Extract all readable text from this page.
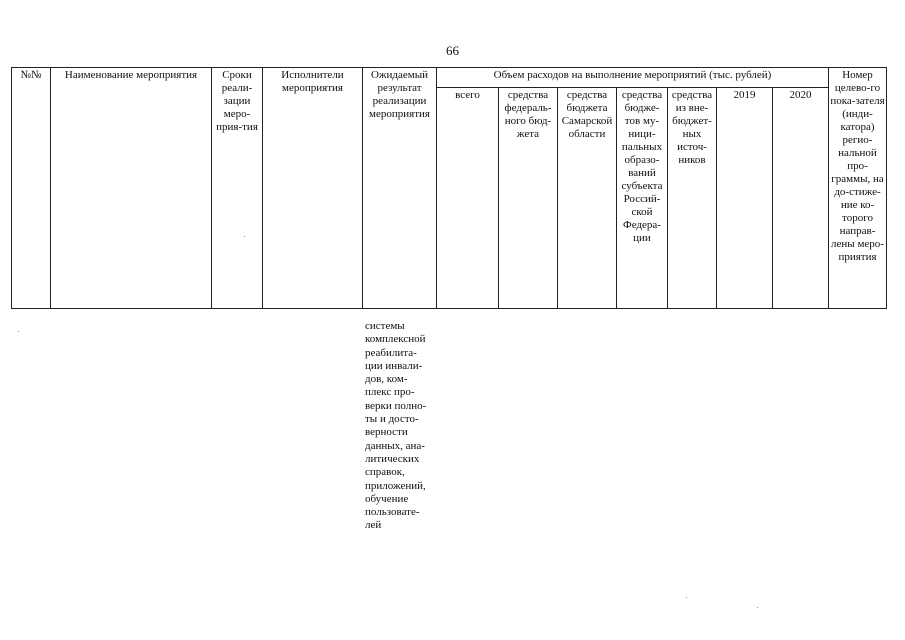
66
№№	Наименование мероприятия	Сроки реали-зации меро-прия-тия	Исполнители мероприятия	Ожидаемый результат реализации мероприятия	Объем расходов на выполнение мероприятий (тыс. рублей)							Номер целево-го пока-зателя (инди-катора) регио-нальной про-граммы, на до-стиже-ние ко-торого направ-лены меро-приятия
					всего	средства федераль-ного бюд-жета	средства бюджета Самарской области	средства бюдже-тов му-ници-пальных образо-ваний субъекта Россий-ской Федера-ции	средства из вне-бюджет-ных источ-ников	2019	2020	
системы
комплексной
реабилита-
ции инвали-
дов, ком-
плекс про-
верки полно-
ты и досто-
верности
данных, ана-
литических
справок,
приложений,
обучение
пользовате-
лей
